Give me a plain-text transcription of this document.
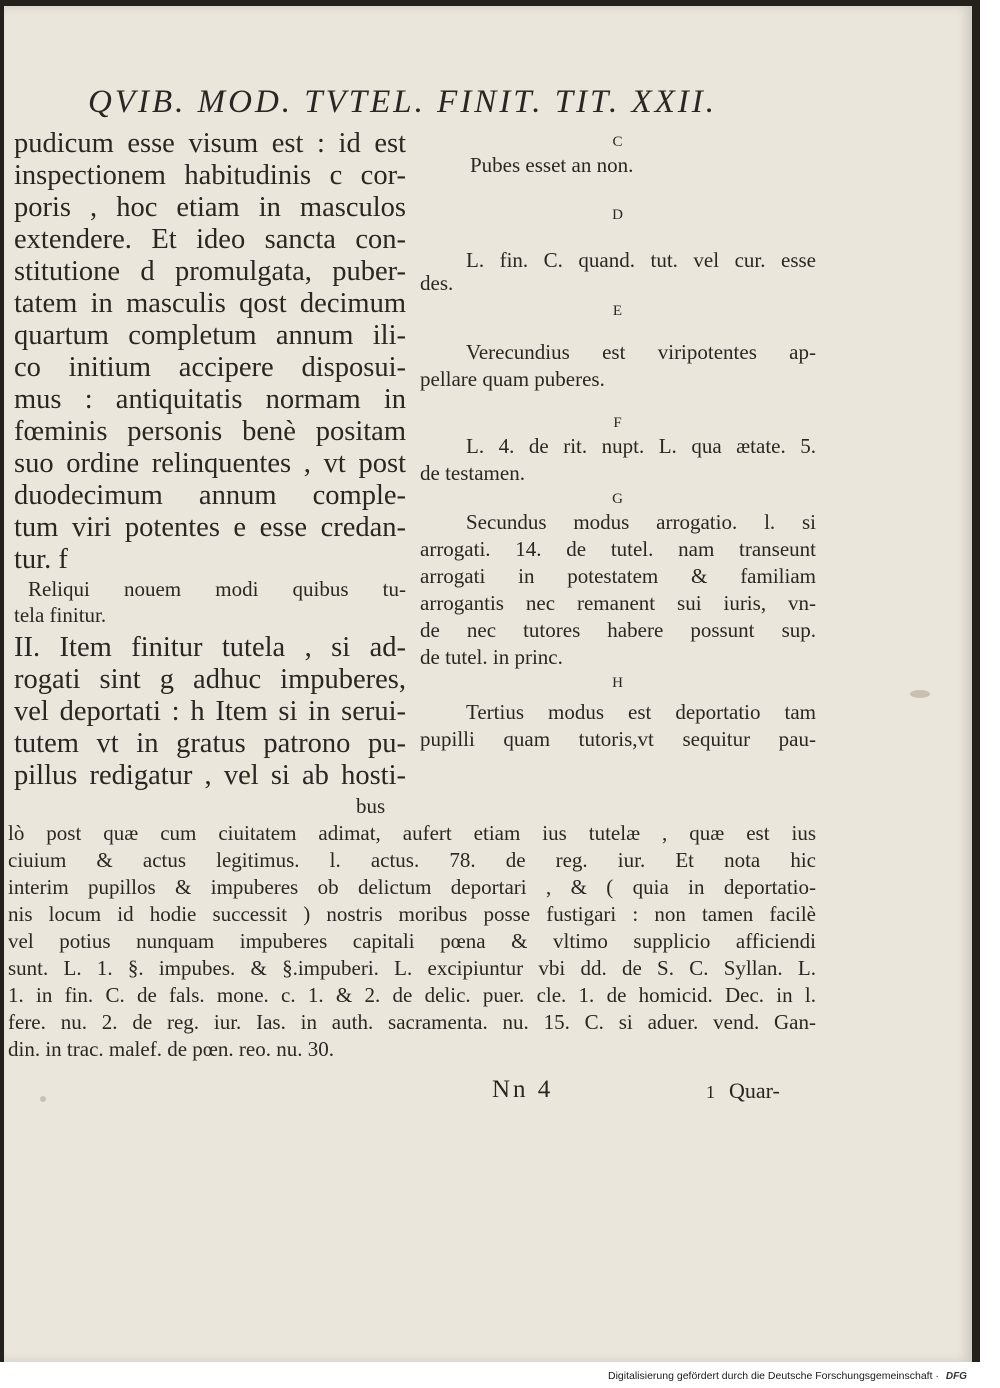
QVIB. MOD. TVTEL. FINIT. TIT. XXII.
pudicum esse visum est : id est
inspectionem habitudinis c cor-
poris , hoc etiam in masculos
extendere. Et ideo sancta con-
stitutione d promulgata, puber-
tatem in masculis qost decimum
quartum completum annum ili-
co initium accipere disposui-
mus : antiquitatis normam in
fœminis personis benè positam
suo ordine relinquentes , vt post
duodecimum annum comple-
tum viri potentes e esse credan-
tur. f
Reliqui nouem modi quibus tu-
tela finitur.
II. Item finitur tutela , si ad-
rogati sint g adhuc impuberes,
vel deportati : h Item si in serui-
tutem vt in gratus patrono pu-
pillus redigatur , vel si ab hosti-
bus
C
Pubes esset an non.
D
L. fin. C. quand. tut. vel cur. esse
des.
E
Verecundius est viripotentes ap-
pellare quam puberes.
F
L. 4. de rit. nupt. L. qua ætate. 5.
de testamen.
G
Secundus modus arrogatio. l. si
arrogati. 14. de tutel. nam transeunt
arrogati in potestatem & familiam
arrogantis nec remanent sui iuris, vn-
de nec tutores habere possunt sup.
de tutel. in princ.
H
Tertius modus est deportatio tam
pupilli quam tutoris,vt sequitur pau-
lò post quæ cum ciuitatem adimat, aufert etiam ius tutelæ , quæ est ius
ciuium & actus legitimus. l. actus. 78. de reg. iur. Et nota hic
interim pupillos & impuberes ob delictum deportari , & ( quia in deportatio-
nis locum id hodie successit ) nostris moribus posse fustigari : non tamen facilè
vel potius nunquam impuberes capitali pœna & vltimo supplicio afficiendi
sunt. L. 1. §. impubes. & §.impuberi. L. excipiuntur vbi dd. de S. C. Syllan. L.
1. in fin. C. de fals. mone. c. 1. & 2. de delic. puer. cle. 1. de homicid. Dec. in l.
fere. nu. 2. de reg. iur. Ias. in auth. sacramenta. nu. 15. C. si aduer. vend. Gan-
din. in trac. malef. de pœn. reo. nu. 30.
Nn 4	1 Quar-
Digitalisierung gefördert durch die Deutsche Forschungsgemeinschaft · DFG
